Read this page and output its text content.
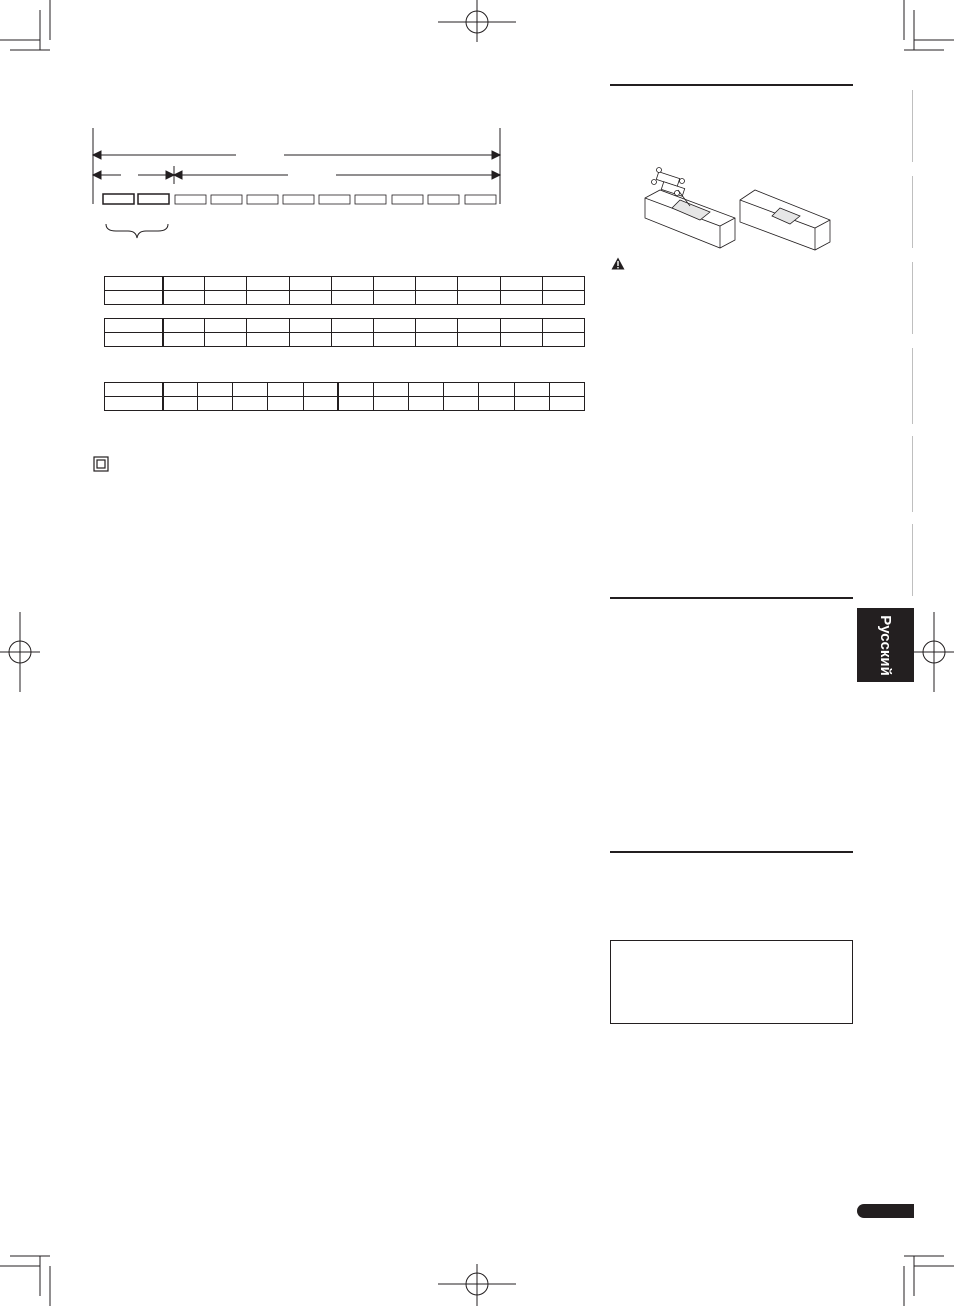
Русский
